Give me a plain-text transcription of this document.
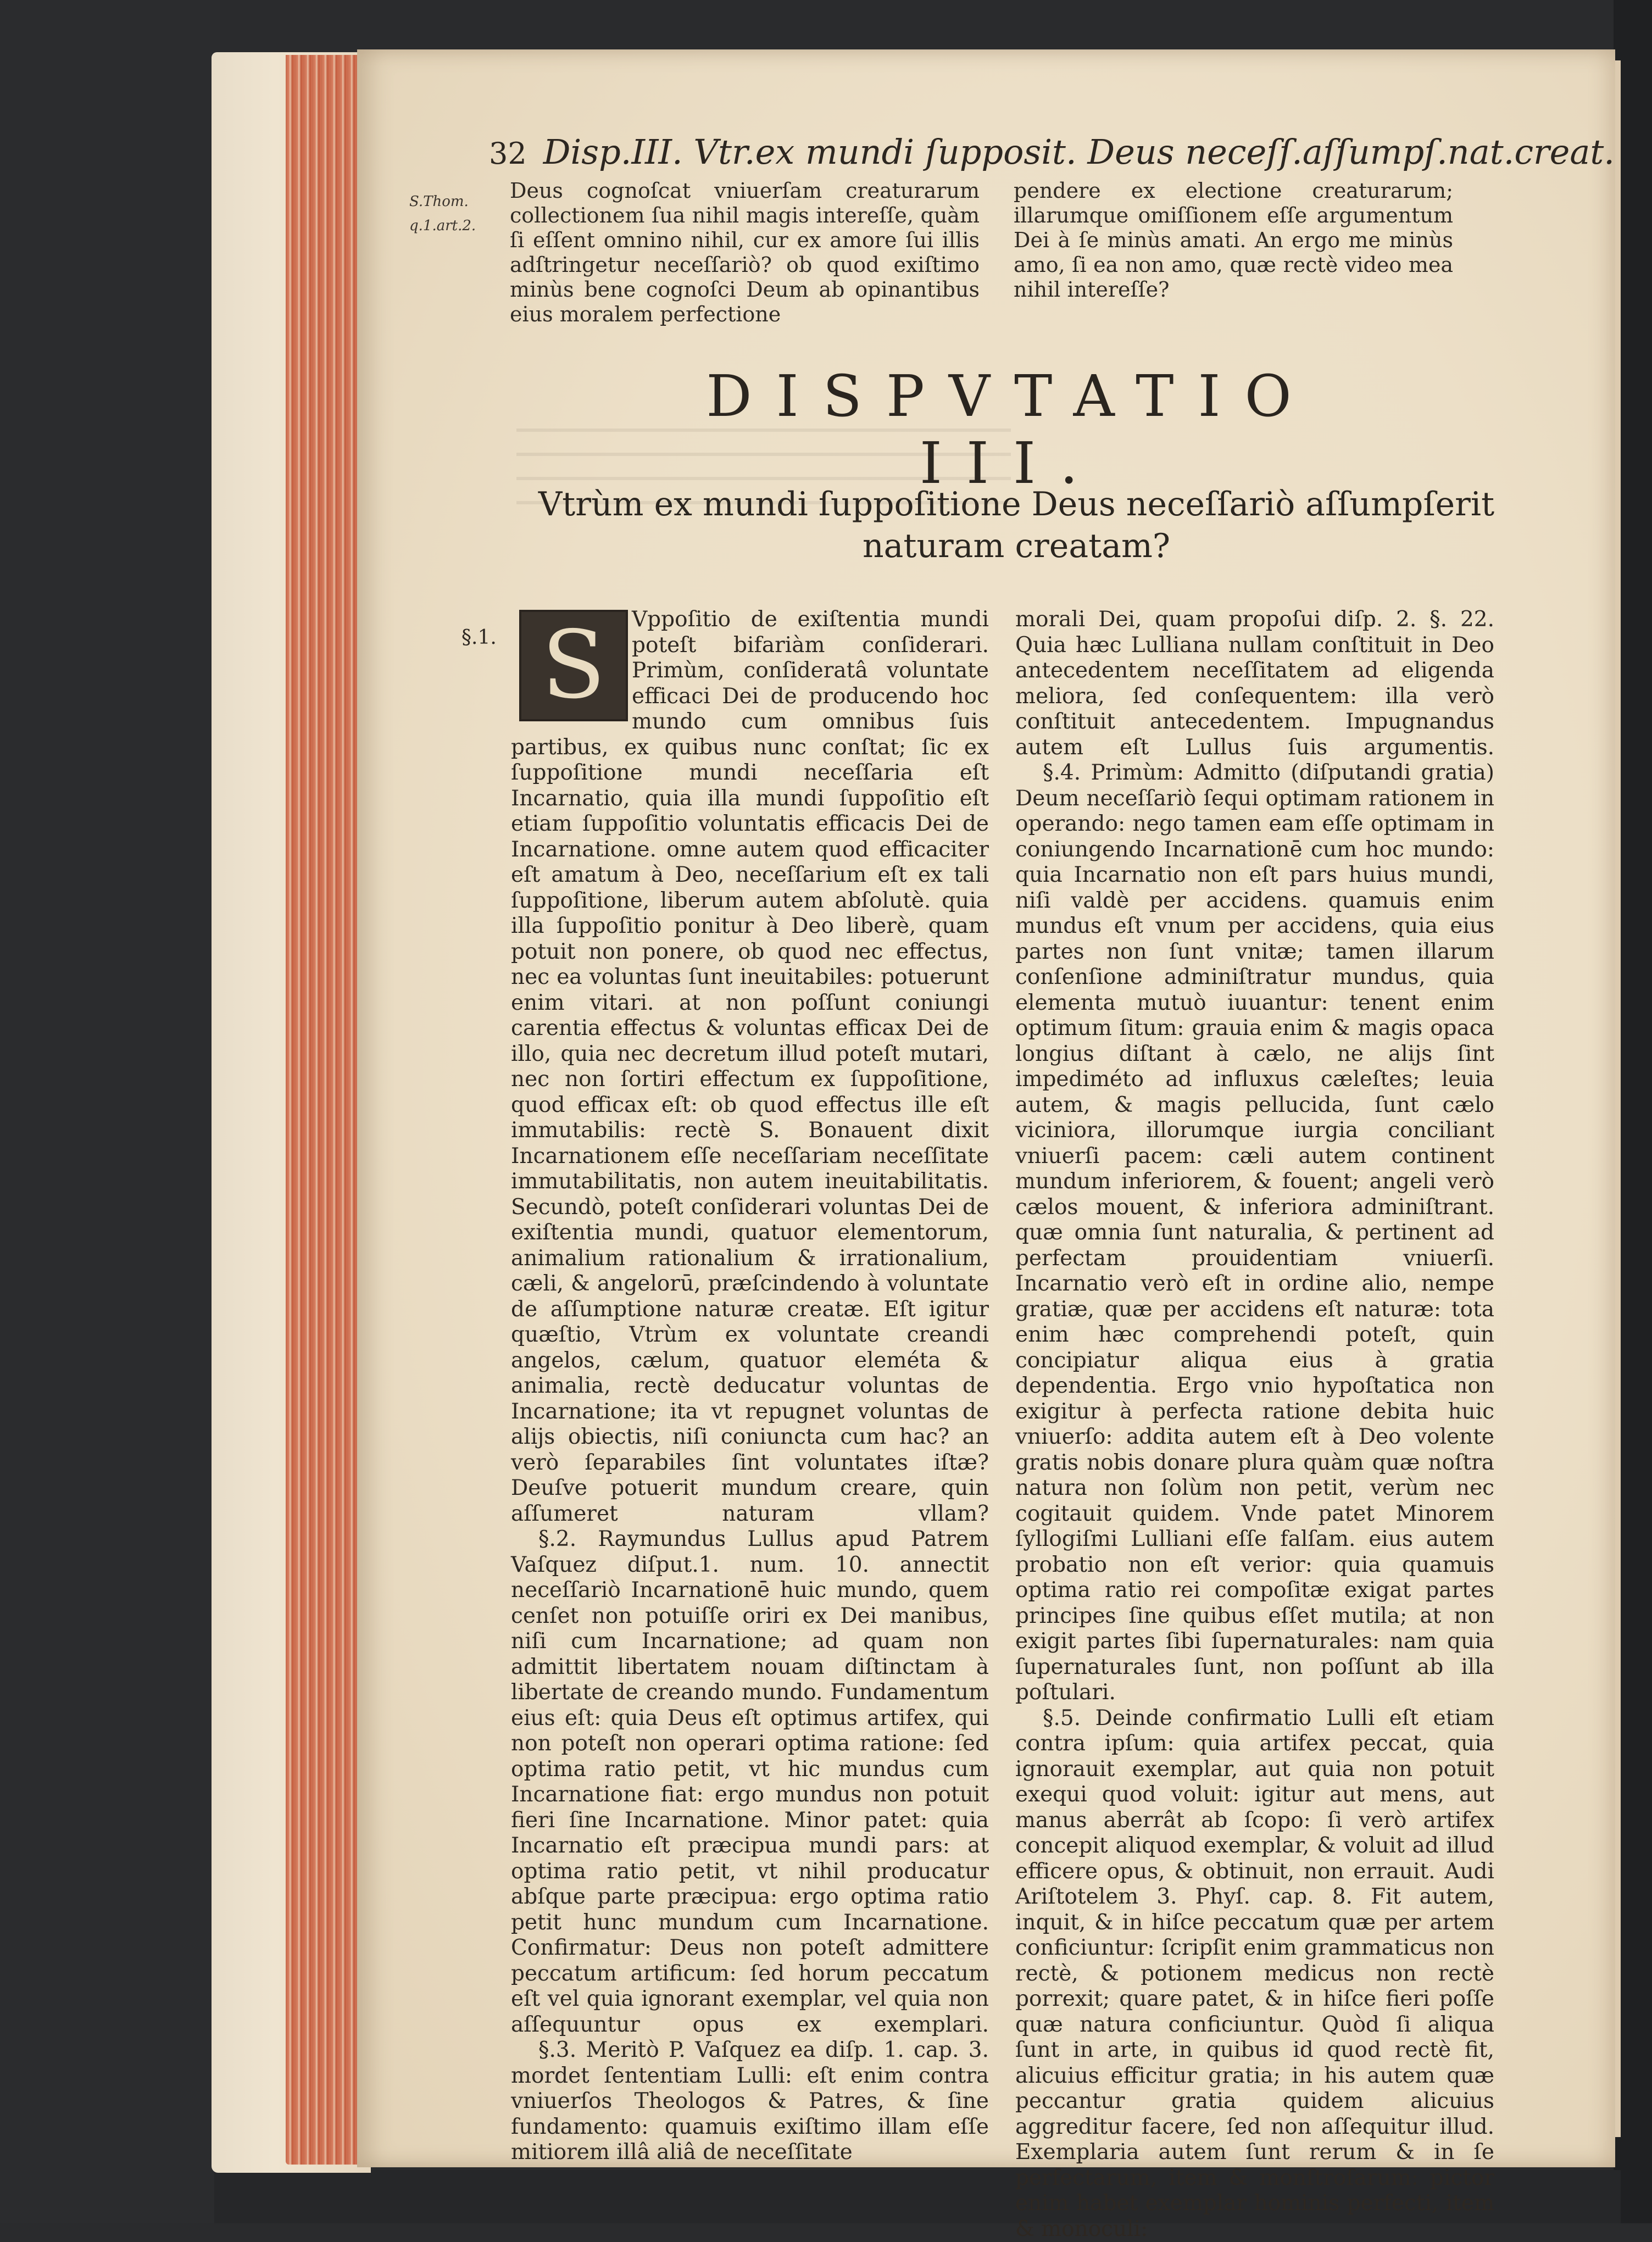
32 Disp.III. Vtr.ex mundi ſupposit. Deus neceſſ.aſſumpſ.nat.creat.
S.Thom.
q.1.art.2.
Deus cognoſcat vniuerſam creaturarum collectionem ſua nihil magis intereſſe, quàm ſi eſſent omnino nihil, cur ex amore ſui illis adſtringetur neceſſariò? ob quod exiſtimo minùs bene cognoſci Deum ab opinantibus eius moralem perfectione
pendere ex electione creaturarum; illarumque omiſſionem eſſe argumentum Dei à ſe minùs amati. An ergo me minùs amo, ſi ea non amo, quæ rectè video mea nihil intereſſe?
DISPVTATIO III.
Vtrùm ex mundi ſuppoſitione Deus neceſſariò aſſumpſerit
naturam creatam?
§.1. S	Vppoſitio de exiſtentia mundi poteſt bifariàm conſiderari. Primùm, conſideratâ voluntate efficaci Dei de producendo hoc mundo cum omnibus ſuis partibus, ex quibus nunc conſtat; ſic ex ſuppoſitione mundi neceſſaria eſt Incarnatio, quia illa mundi ſuppoſitio eſt etiam ſuppoſitio voluntatis efficacis Dei de Incarnatione. omne autem quod efficaciter eſt amatum à Deo, neceſſarium eſt ex tali ſuppoſitione, liberum autem abſolutè. quia illa ſuppoſitio ponitur à Deo liberè, quam potuit non ponere, ob quod nec effectus, nec ea voluntas ſunt ineuitabiles: potuerunt enim vitari. at non poſſunt coniungi carentia effectus & voluntas efficax Dei de illo, quia nec decretum illud poteſt mutari, nec non ſortiri effectum ex ſuppoſitione, quod efficax eſt: ob quod effectus ille eſt immutabilis: rectè S. Bonauent dixit Incarnationem eſſe neceſſariam neceſſitate immutabilitatis, non autem ineuitabilitatis. Secundò, poteſt conſiderari voluntas Dei de exiſtentia mundi, quatuor elementorum, animalium rationalium & irrationalium, cæli, & angelorū, præſcindendo à voluntate de aſſumptione naturæ creatæ. Eſt igitur quæſtio, Vtrùm ex voluntate creandi angelos, cælum, quatuor eleméta & animalia, rectè deducatur voluntas de Incarnatione; ita vt repugnet voluntas de alijs obiectis, niſi coniuncta cum hac? an verò ſeparabiles ſint voluntates iſtæ? Deuſve potuerit mundum creare, quin aſſumeret naturam vllam?

§.2. Raymundus Lullus apud Patrem Vaſquez diſput.1. num. 10. annectit neceſſariò Incarnationē huic mundo, quem cenſet non potuiſſe oriri ex Dei manibus, niſi cum Incarnatione; ad quam non admittit libertatem nouam diſtinctam à libertate de creando mundo. Fundamentum eius eſt: quia Deus eſt optimus artifex, qui non poteſt non operari optima ratione: ſed optima ratio petit, vt hic mundus cum Incarnatione fiat: ergo mundus non potuit fieri ſine Incarnatione. Minor patet: quia Incarnatio eſt præcipua mundi pars: at optima ratio petit, vt nihil producatur abſque parte præcipua: ergo optima ratio petit hunc mundum cum Incarnatione. Confirmatur: Deus non poteſt admittere peccatum artificum: ſed horum peccatum eſt vel quia ignorant exemplar, vel quia non aſſequuntur opus ex exemplari.

§.3. Meritò P. Vaſquez ea diſp. 1. cap. 3. mordet ſententiam Lulli: eſt enim contra vniuerſos Theologos & Patres, & ſine fundamento: quamuis exiſtimo illam eſſe mitiorem illâ aliâ de neceſſitate

morali Dei, quam propoſui diſp. 2. §. 22. Quia hæc Lulliana nullam conſtituit in Deo antecedentem neceſſitatem ad eligenda meliora, ſed conſequentem: illa verò conſtituit antecedentem. Impugnandus autem eſt Lullus ſuis argumentis.

§.4. Primùm: Admitto (diſputandi gratia) Deum neceſſariò ſequi optimam rationem in operando: nego tamen eam eſſe optimam in coniungendo Incarnationē cum hoc mundo: quia Incarnatio non eſt pars huius mundi, niſi valdè per accidens. quamuis enim mundus eſt vnum per accidens, quia eius partes non ſunt vnitæ; tamen illarum conſenſione adminiſtratur mundus, quia elementa mutuò iuuantur: tenent enim optimum ſitum: grauia enim & magis opaca longius diſtant à cælo, ne alijs ſint impediméto ad influxus cæleſtes; leuia autem, & magis pellucida, ſunt cælo viciniora, illorumque iurgia conciliant vniuerſi pacem: cæli autem continent mundum inferiorem, & fouent; angeli verò cælos mouent, & inferiora adminiſtrant. quæ omnia ſunt naturalia, & pertinent ad perfectam prouidentiam vniuerſi. Incarnatio verò eſt in ordine alio, nempe gratiæ, quæ per accidens eſt naturæ: tota enim hæc comprehendi poteſt, quin concipiatur aliqua eius à gratia dependentia. Ergo vnio hypoſtatica non exigitur à perfecta ratione debita huic vniuerſo: addita autem eſt à Deo volente gratis nobis donare plura quàm quæ noſtra natura non ſolùm non petit, verùm nec cogitauit quidem. Vnde patet Minorem ſyllogiſmi Lulliani eſſe falſam. eius autem probatio non eſt verior: quia quamuis optima ratio rei compoſitæ exigat partes principes ſine quibus eſſet mutila; at non exigit partes ſibi ſupernaturales: nam quia ſupernaturales ſunt, non poſſunt ab illa poſtulari.

§.5. Deinde confirmatio Lulli eſt etiam contra ipſum: quia artifex peccat, quia ignorauit exemplar, aut quia non potuit exequi quod voluit: igitur aut mens, aut manus aberrât ab ſcopo: ſi verò artifex concepit aliquod exemplar, & voluit ad illud efficere opus, & obtinuit, non errauit. Audi Ariſtotelem 3. Phyſ. cap. 8. Fit autem, inquit, & in hiſce peccatum quæ per artem conficiuntur: ſcripſit enim grammaticus non rectè, & potionem medicus non rectè porrexit; quare patet, & in hiſce fieri poſſe quæ natura conficiuntur. Quòd ſi aliqua ſunt in arte, in quibus id quod rectè fit, alicuius efficitur gratia; in his autem quæ peccantur gratia quidem alicuius aggreditur facere, ſed non aſſequitur illud. Exemplaria autem ſunt rerum & in ſe perfectarum, item & monſtroſarum: pictor enim habet exemplar hominis perfecti, item & monoculi:
